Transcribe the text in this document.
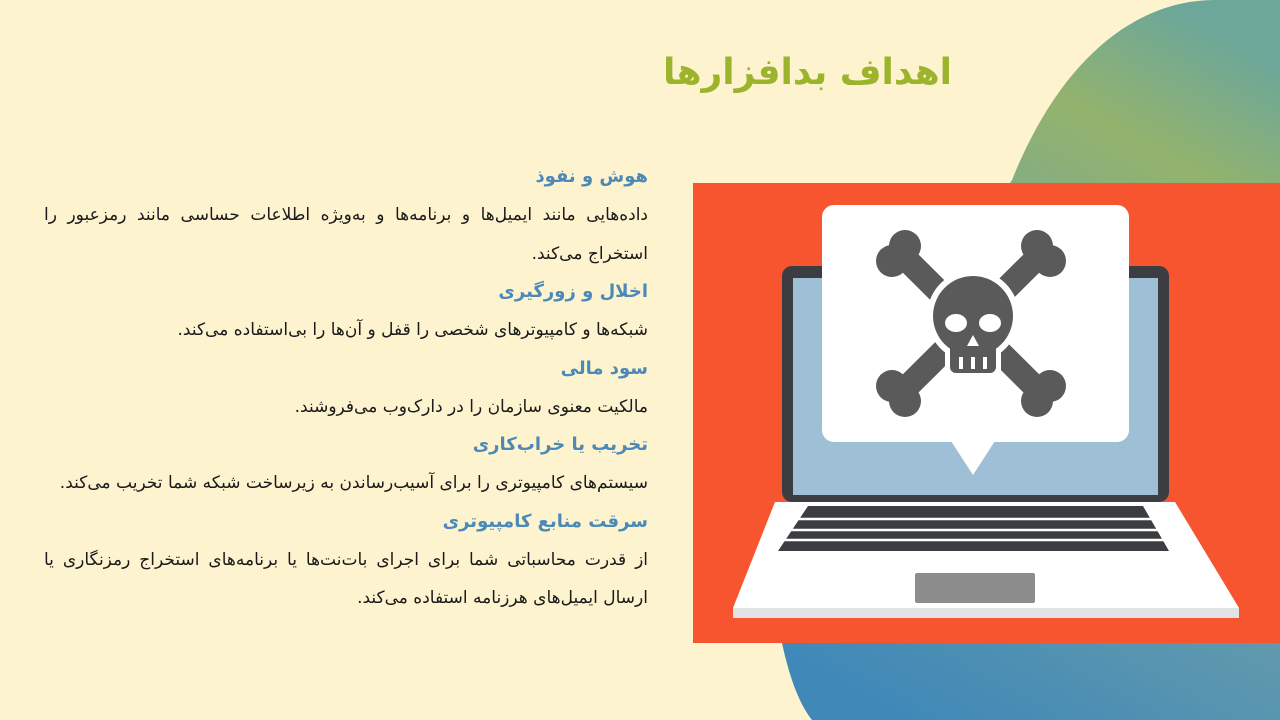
اهداف بدافزارها

هوش و نفوذ

داده‌هایی مانند ایمیل‌ها و برنامه‌ها و به‌ویژه اطلاعات حساسی مانند رمزعبور را استخراج می‌کند.

اخلال و زورگیری

شبکه‌ها و کامپیوترهای شخصی را قفل و آن‌ها را بی‌استفاده می‌کند.

سود مالی

مالکیت معنوی سازمان را در دارک‌وب می‌فروشند.

تخریب یا خراب‌کاری

سیستم‌های کامپیوتری را برای آسیب‌رساندن به زیرساخت شبکه شما تخریب می‌کند.

سرقت منابع کامپیوتری

از قدرت محاسباتی شما برای اجرای بات‌نت‌ها یا برنامه‌های استخراج رمزنگاری یا ارسال ایمیل‌های هرزنامه استفاده می‌کند.
